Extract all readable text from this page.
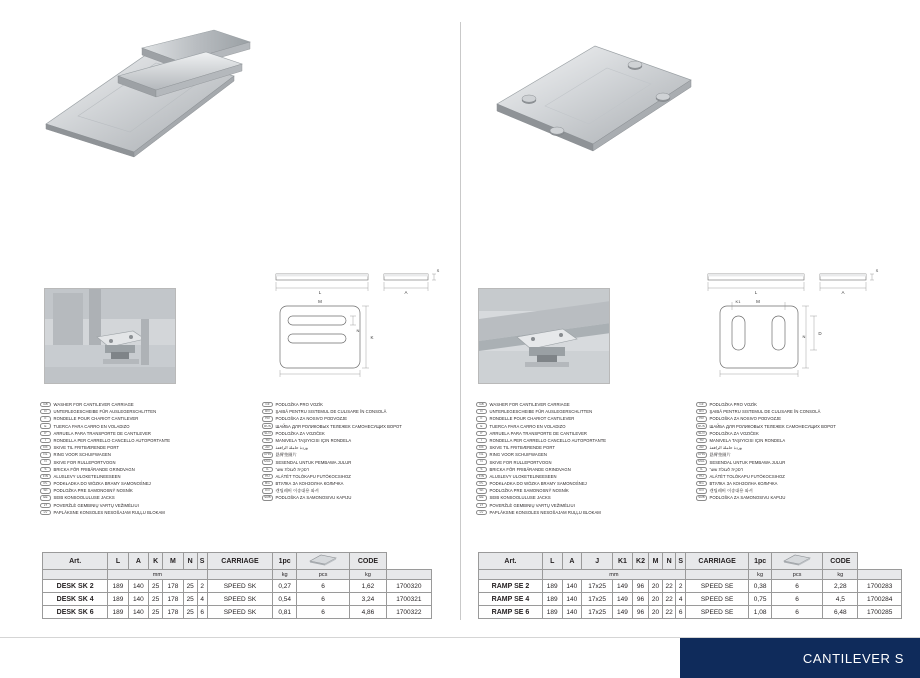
L	A
S
M
K
N
GB	WASHER FOR CANTILEVER CARRIAGE
D	UNTERLEGESCHEIBE FÜR AUSLEGERSCHLITTEN
F	RONDELLE POUR CHARIOT CANTILEVER
E	TUERCA PARA CARRO EN VOLADIZO
P	ARRUELA PARA TRANSPORTE DE CANTILEVER
I	RONDELLA PER CARRELLO CANCELLO AUTOPORTANTE
DK	SKIVE TIL FRITBÆRENDE PORT
NL	RING VOOR SCHUIFWAGEN
N	SKIVE FOR RULLEPORTVOGN
S	BRICKA FÖR FRIBÄRANDE GRINDVAGN
FIN	ALUSLEVY ULOKETELINEESEEN
PL	PODKŁADKA DO WÓZKA BRAMY SAMONOŚNEJ
SK	PODLOŽKA PRE SAMONOSNÝ NOSNÍK
EE	SEIB KONSOOLULUSE JACKS
LT	POVERŽLĖ GEMBINIŲ VARTŲ VEŽIMĖLIUI
LV	PAPLĀKSNE KONSOLES NESOŠAJAM RUĻĻU BLOKAM
CZ	PODLOŽKA PRO VOZÍK
RO	ŞAIBĂ PENTRU SISTEMUL DE CULISARE ÎN CONSOLĂ
HR	PODLOŠKA ZA NOSIVO PODVOZJE
RUS	ШАЙБА ДЛЯ РОЛИКОВЫХ ТЕЛЕЖЕК САМОНЕСУЩИХ ВОРОТ
SLO	PODLOŽKA ZA VOZIČEK
TR	MANIVELA TAŞIYICISI IÇIN RONDELA
AR	وردة حاملة الرافعة
CHN	悬臂垫圈片
MAL	SESENDAL UNTUK PEMBAWA JULUR
IL	דסקית לעגלת שער
HU	ALÁTÉT TOLÓKAPU FUTÓKOCSIHOZ
BG	ВТУЛКА ЗА КОНЗОЛНА КОЛИЧКА
KO	캔틸레버 이송대용 와셔
SRB	PODLOŠKA ZA SAMONOSIVU KAPIJU
Art.	L	A	K	M	N	S	CARRIAGE	1pc		CODE	
	mm							kg	pcs	kg	
DESK SK 2	189	140	25	178	25	2	SPEED SK	0,27	6	1,62	1700320
DESK SK 4	189	140	25	178	25	4	SPEED SK	0,54	6	3,24	1700321
DESK SK 6	189	140	25	178	25	6	SPEED SK	0,81	6	4,86	1700322
L	A
S
M
K1
D
N
GB	WASHER FOR CANTILEVER CARRIAGE
D	UNTERLEGESCHEIBE FÜR AUSLEGERSCHLITTEN
F	RONDELLE POUR CHARIOT CANTILEVER
E	TUERCA PARA CARRO EN VOLADIZO
P	ARRUELA PARA TRANSPORTE DE CANTILEVER
I	RONDELLA PER CARRELLO CANCELLO AUTOPORTANTE
DK	SKIVE TIL FRITBÆRENDE PORT
NL	RING VOOR SCHUIFWAGEN
N	SKIVE FOR RULLEPORTVOGN
S	BRICKA FÖR FRIBÄRANDE GRINDVAGN
FIN	ALUSLEVY ULOKETELINEESEEN
PL	PODKŁADKA DO WÓZKA BRAMY SAMONOŚNEJ
SK	PODLOŽKA PRE SAMONOSNÝ NOSNÍK
EE	SEIB KONSOOLULUSE JACKS
LT	POVERŽLĖ GEMBINIŲ VARTŲ VEŽIMĖLIUI
LV	PAPLĀKSNE KONSOLES NESOŠAJAM RUĻĻU BLOKAM
CZ	PODLOŽKA PRO VOZÍK
RO	ŞAIBĂ PENTRU SISTEMUL DE CULISARE ÎN CONSOLĂ
HR	PODLOŠKA ZA NOSIVO PODVOZJE
RUS	ШАЙБА ДЛЯ РОЛИКОВЫХ ТЕЛЕЖЕК САМОНЕСУЩИХ ВОРОТ
SLO	PODLOŽKA ZA VOZIČEK
TR	MANIVELA TAŞIYICISI IÇIN RONDELA
AR	وردة حاملة الرافعة
CHN	悬臂垫圈片
MAL	SESENDAL UNTUK PEMBAWA JULUR
IL	דסקית לעגלת שער
HU	ALÁTÉT TOLÓKAPU FUTÓKOCSIHOZ
BG	ВТУЛКА ЗА КОНЗОЛНА КОЛИЧКА
KO	캔틸레버 이송대용 와셔
SRB	PODLOŠKA ZA SAMONOSIVU KAPIJU
Art.	L	A	J	K1	K2	M	N	S	CARRIAGE	1pc		CODE	
	mm									kg	pcs	kg	
RAMP SE 2	189	140	17x25	149	96	20	22	2	SPEED SE	0,38	6	2,28	1700283
RAMP SE 4	189	140	17x25	149	96	20	22	4	SPEED SE	0,75	6	4,5	1700284
RAMP SE 6	189	140	17x25	149	96	20	22	6	SPEED SE	1,08	6	6,48	1700285
CANTILEVER S
